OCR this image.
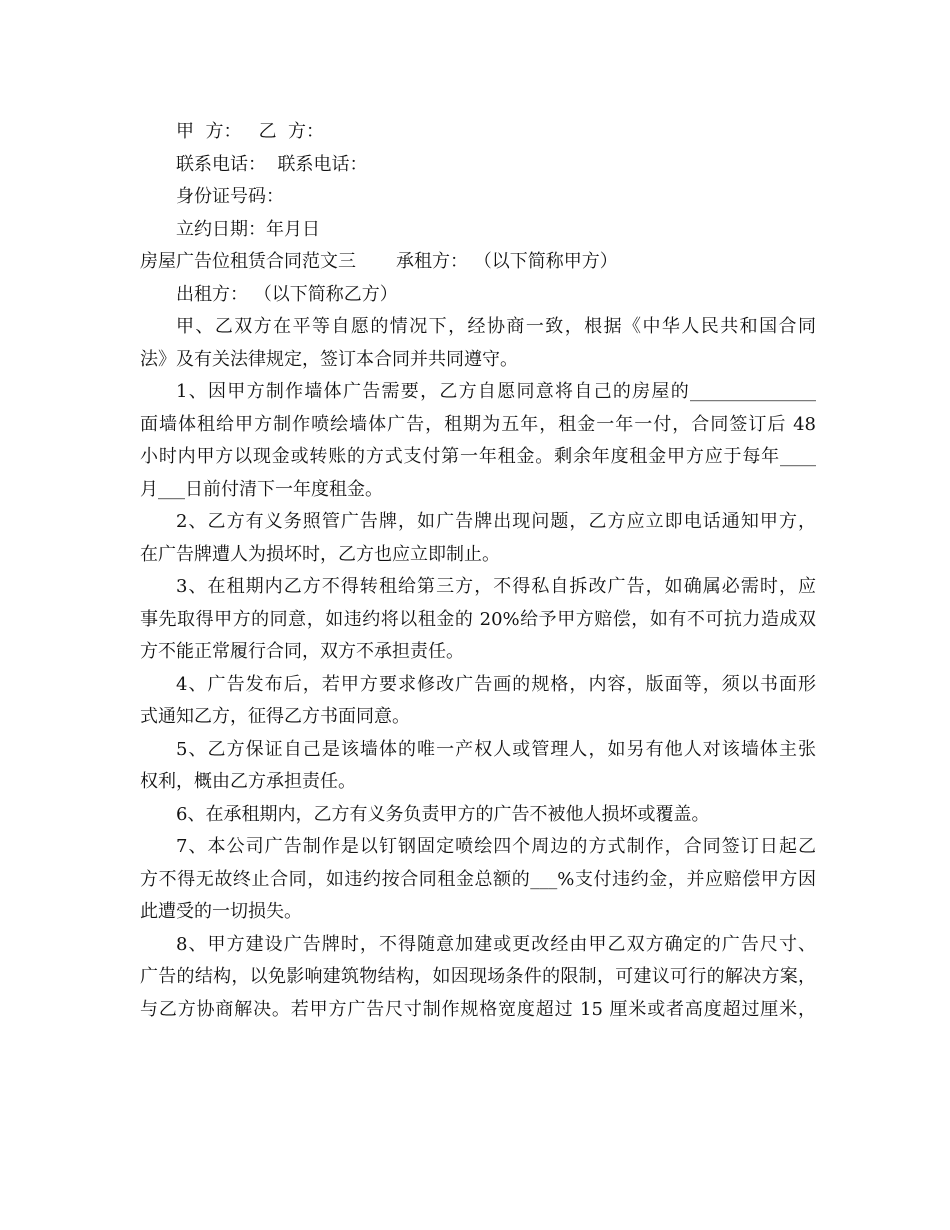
甲  方：   乙  方：
联系电话：  联系电话：
身份证号码：
立约日期：年月日
房屋广告位租赁合同范文三       承租方： （以下简称甲方）
出租方： （以下简称乙方）
甲、乙双方在平等自愿的情况下，经协商一致，根据《中华人民共和国合同
法》及有关法律规定，签订本合同并共同遵守。
1、因甲方制作墙体广告需要，乙方自愿同意将自己的房屋的______________
面墙体租给甲方制作喷绘墙体广告，租期为五年，租金一年一付，合同签订后 48
小时内甲方以现金或转账的方式支付第一年租金。剩余年度租金甲方应于每年____
月___日前付清下一年度租金。
2、乙方有义务照管广告牌，如广告牌出现问题，乙方应立即电话通知甲方，
在广告牌遭人为损坏时，乙方也应立即制止。
3、在租期内乙方不得转租给第三方，不得私自拆改广告，如确属必需时，应
事先取得甲方的同意，如违约将以租金的 20%给予甲方赔偿，如有不可抗力造成双
方不能正常履行合同，双方不承担责任。
4、广告发布后，若甲方要求修改广告画的规格，内容，版面等，须以书面形
式通知乙方，征得乙方书面同意。
5、乙方保证自己是该墙体的唯一产权人或管理人，如另有他人对该墙体主张
权利，概由乙方承担责任。
6、在承租期内，乙方有义务负责甲方的广告不被他人损坏或覆盖。
7、本公司广告制作是以钉钢固定喷绘四个周边的方式制作，合同签订日起乙
方不得无故终止合同，如违约按合同租金总额的___%支付违约金，并应赔偿甲方因
此遭受的一切损失。
8、甲方建设广告牌时，不得随意加建或更改经由甲乙双方确定的广告尺寸、
广告的结构，以免影响建筑物结构，如因现场条件的限制，可建议可行的解决方案，
与乙方协商解决。若甲方广告尺寸制作规格宽度超过 15 厘米或者高度超过厘米，
